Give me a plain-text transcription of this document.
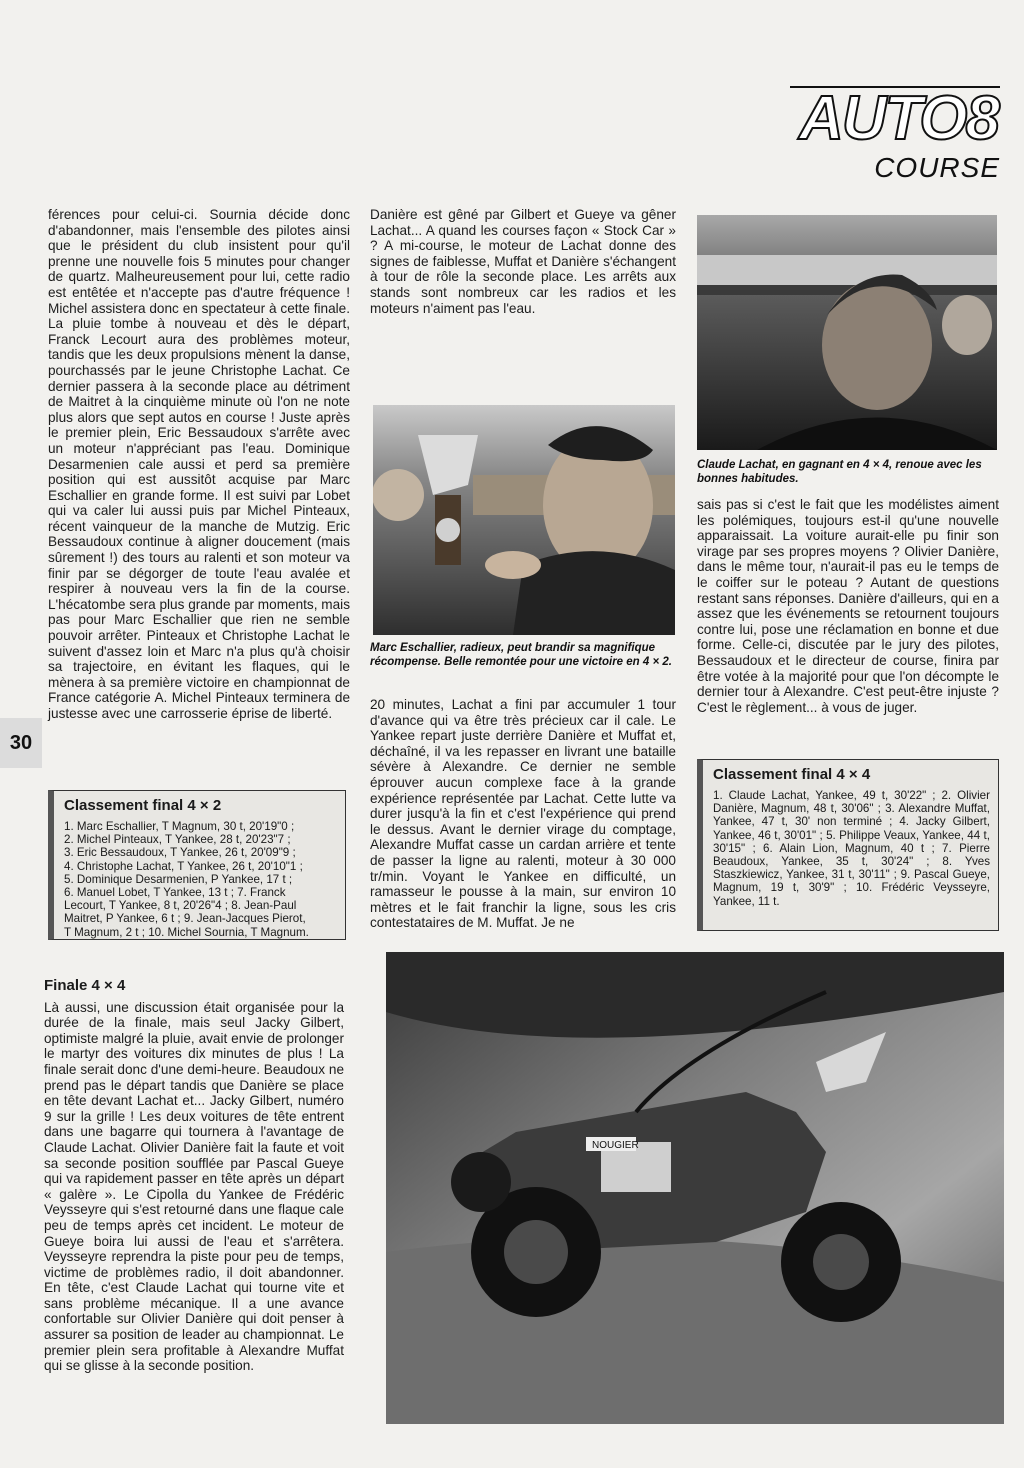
AUTO8
COURSE
30

férences pour celui-ci. Sournia décide donc d'abandonner, mais l'ensemble des pilotes ainsi que le président du club insistent pour qu'il prenne une nouvelle fois 5 minutes pour changer de quartz. Malheureusement pour lui, cette radio est entêtée et n'accepte pas d'autre fréquence ! Michel assistera donc en spectateur à cette finale. La pluie tombe à nouveau et dès le départ, Franck Lecourt aura des problèmes moteur, tandis que les deux propulsions mènent la danse, pourchassés par le jeune Christophe Lachat. Ce dernier passera à la seconde place au détriment de Maitret à la cinquième minute où l'on ne note plus alors que sept autos en course ! Juste après le premier plein, Eric Bessaudoux s'arrête avec un moteur n'appréciant pas l'eau. Dominique Desarmenien cale aussi et perd sa première position qui est aussitôt acquise par Marc Eschallier en grande forme. Il est suivi par Lobet qui va caler lui aussi puis par Michel Pinteaux, récent vainqueur de la manche de Mutzig. Eric Bessaudoux continue à aligner doucement (mais sûrement !) des tours au ralenti et son moteur va finir par se dégorger de toute l'eau avalée et respirer à nouveau vers la fin de la course. L'hécatombe sera plus grande par moments, mais pas pour Marc Eschallier que rien ne semble pouvoir arrêter. Pinteaux et Christophe Lachat le suivent d'assez loin et Marc n'a plus qu'à choisir sa trajectoire, en évitant les flaques, qui le mènera à sa première victoire en championnat de France catégorie A. Michel Pinteaux terminera de justesse avec une carrosserie éprise de liberté.

Classement final 4 × 2
1. Marc Eschallier, T Magnum, 30 t, 20'19"0 ;
2. Michel Pinteaux, T Yankee, 28 t, 20'23"7 ;
3. Eric Bessaudoux, T Yankee, 26 t, 20'09"9 ;
4. Christophe Lachat, T Yankee, 26 t, 20'10"1 ;
5. Dominique Desarmenien, P Yankee, 17 t ;
6. Manuel Lobet, T Yankee, 13 t ; 7. Franck
Lecourt, T Yankee, 8 t, 20'26"4 ; 8. Jean-Paul
Maitret, P Yankee, 6 t ; 9. Jean-Jacques Pierot,
T Magnum, 2 t ; 10. Michel Sournia, T Magnum.

Danière est gêné par Gilbert et Gueye va gêner Lachat... A quand les courses façon « Stock Car » ? A mi-course, le moteur de Lachat donne des signes de faiblesse, Muffat et Danière s'échangent à tour de rôle la seconde place. Les arrêts aux stands sont nombreux car les radios et les moteurs n'aiment pas l'eau.

Marc Eschallier, radieux, peut brandir sa magnifique récompense. Belle remontée pour une victoire en 4 × 2.

20 minutes, Lachat a fini par accumuler 1 tour d'avance qui va être très précieux car il cale. Le Yankee repart juste derrière Danière et Muffat et, déchaîné, il va les repasser en livrant une bataille sévère à Alexandre. Ce dernier ne semble éprouver aucun complexe face à la grande expérience représentée par Lachat. Cette lutte va durer jusqu'à la fin et c'est l'expérience qui prend le dessus. Avant le dernier virage du comptage, Alexandre Muffat casse un cardan arrière et tente de passer la ligne au ralenti, moteur à 30 000 tr/min. Voyant le Yankee en difficulté, un ramasseur le pousse à la main, sur environ 10 mètres et le fait franchir la ligne, sous les cris contestataires de M. Muffat. Je ne

Claude Lachat, en gagnant en 4 × 4, renoue avec les bonnes habitudes.

sais pas si c'est le fait que les modélistes aiment les polémiques, toujours est-il qu'une nouvelle apparaissait. La voiture aurait-elle pu finir son virage par ses propres moyens ? Olivier Danière, dans le même tour, n'aurait-il pas eu le temps de le coiffer sur le poteau ? Autant de questions restant sans réponses. Danière d'ailleurs, qui en a assez que les événements se retournent toujours contre lui, pose une réclamation en bonne et due forme. Celle-ci, discutée par le jury des pilotes, Bessaudoux et le directeur de course, finira par être votée à la majorité pour que l'on décompte le dernier tour à Alexandre. C'est peut-être injuste ? C'est le règlement... à vous de juger.

Classement final 4 × 4
1. Claude Lachat, Yankee, 49 t, 30'22" ; 2. Olivier Danière, Magnum, 48 t, 30'06" ; 3. Alexandre Muffat, Yankee, 47 t, 30' non terminé ; 4. Jacky Gilbert, Yankee, 46 t, 30'01" ; 5. Philippe Veaux, Yankee, 44 t, 30'15" ; 6. Alain Lion, Magnum, 40 t ; 7. Pierre Beaudoux, Yankee, 35 t, 30'24" ; 8. Yves Staszkiewicz, Yankee, 31 t, 30'11" ; 9. Pascal Gueye, Magnum, 19 t, 30'9" ; 10. Frédéric Veysseyre, Yankee, 11 t.
Finale 4 × 4

Là aussi, une discussion était organisée pour la durée de la finale, mais seul Jacky Gilbert, optimiste malgré la pluie, avait envie de prolonger le martyr des voitures dix minutes de plus ! La finale serait donc d'une demi-heure. Beaudoux ne prend pas le départ tandis que Danière se place en tête devant Lachat et... Jacky Gilbert, numéro 9 sur la grille ! Les deux voitures de tête entrent dans une bagarre qui tournera à l'avantage de Claude Lachat. Olivier Danière fait la faute et voit sa seconde position soufflée par Pascal Gueye qui va rapidement passer en tête après un départ « galère ». Le Cipolla du Yankee de Frédéric Veysseyre qui s'est retourné dans une flaque cale peu de temps après cet incident. Le moteur de Gueye boira lui aussi de l'eau et s'arrêtera. Veysseyre reprendra la piste pour peu de temps, victime de problèmes radio, il doit abandonner. En tête, c'est Claude Lachat qui tourne vite et sans problème mécanique. Il a une avance confortable sur Olivier Danière qui doit penser à assurer sa position de leader au championnat. Le premier plein sera profitable à Alexandre Muffat qui se glisse à la seconde position.

NOUGIER
